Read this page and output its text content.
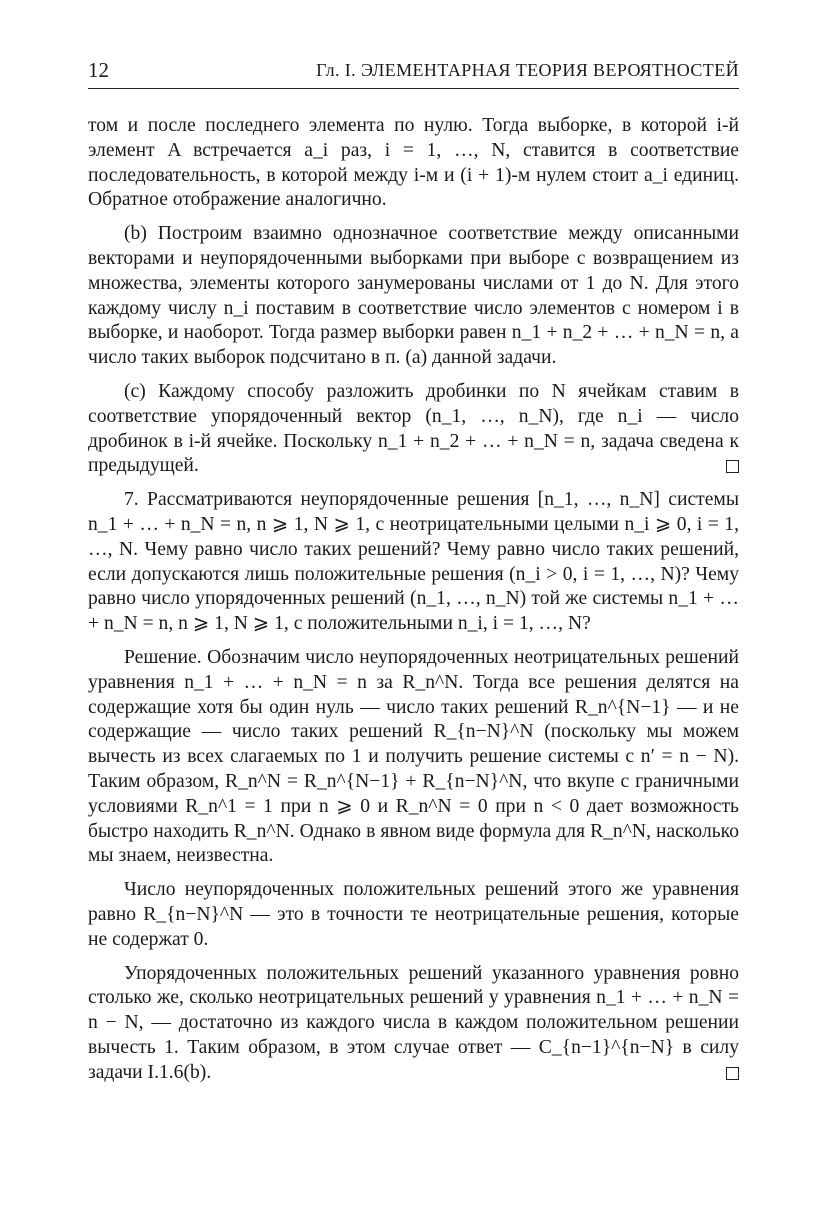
12	Гл. I. ЭЛЕМЕНТАРНАЯ ТЕОРИЯ ВЕРОЯТНОСТЕЙ

том и после последнего элемента по нулю. Тогда выборке, в которой i-й элемент A встречается a_i раз, i = 1, …, N, ставится в соответствие последовательность, в которой между i-м и (i + 1)-м нулем стоит a_i единиц. Обратное отображение аналогично.

(b) Построим взаимно однозначное соответствие между описанными векторами и неупорядоченными выборками при выборе с возвращением из множества, элементы которого занумерованы числами от 1 до N. Для этого каждому числу n_i поставим в соответствие число элементов с номером i в выборке, и наоборот. Тогда размер выборки равен n_1 + n_2 + … + n_N = n, а число таких выборок подсчитано в п. (a) данной задачи.

(c) Каждому способу разложить дробинки по N ячейкам ставим в соответствие упорядоченный вектор (n_1, …, n_N), где n_i — число дробинок в i-й ячейке. Поскольку n_1 + n_2 + … + n_N = n, задача сведена к предыдущей.

7. Рассматриваются неупорядоченные решения [n_1, …, n_N] системы n_1 + … + n_N = n, n ⩾ 1, N ⩾ 1, с неотрицательными целыми n_i ⩾ 0, i = 1, …, N. Чему равно число таких решений? Чему равно число таких решений, если допускаются лишь положительные решения (n_i > 0, i = 1, …, N)? Чему равно число упорядоченных решений (n_1, …, n_N) той же системы n_1 + … + n_N = n, n ⩾ 1, N ⩾ 1, с положительными n_i, i = 1, …, N?

Решение. Обозначим число неупорядоченных неотрицательных решений уравнения n_1 + … + n_N = n за R_n^N. Тогда все решения делятся на содержащие хотя бы один нуль — число таких решений R_n^{N−1} — и не содержащие — число таких решений R_{n−N}^N (поскольку мы можем вычесть из всех слагаемых по 1 и получить решение системы с n′ = n − N). Таким образом, R_n^N = R_n^{N−1} + R_{n−N}^N, что вкупе с граничными условиями R_n^1 = 1 при n ⩾ 0 и R_n^N = 0 при n < 0 дает возможность быстро находить R_n^N. Однако в явном виде формула для R_n^N, насколько мы знаем, неизвестна.

Число неупорядоченных положительных решений этого же уравнения равно R_{n−N}^N — это в точности те неотрицательные решения, которые не содержат 0.

Упорядоченных положительных решений указанного уравнения ровно столько же, сколько неотрицательных решений у уравнения n_1 + … + n_N = n − N, — достаточно из каждого числа в каждом положительном решении вычесть 1. Таким образом, в этом случае ответ — C_{n−1}^{n−N} в силу задачи I.1.6(b).
